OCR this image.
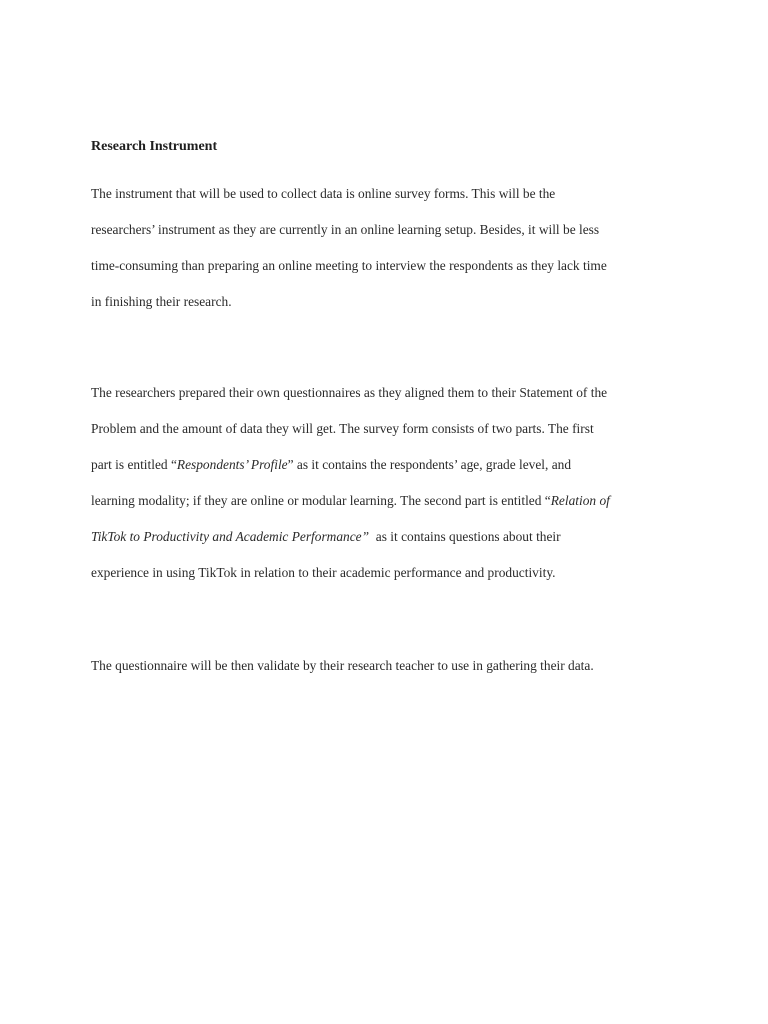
Research Instrument

The instrument that will be used to collect data is online survey forms. This will be the
researchers’ instrument as they are currently in an online learning setup. Besides, it will be less
time-consuming than preparing an online meeting to interview the respondents as they lack time
in finishing their research.

The researchers prepared their own questionnaires as they aligned them to their Statement of the
Problem and the amount of data they will get. The survey form consists of two parts. The first
part is entitled “Respondents’ Profile” as it contains the respondents’ age, grade level, and
learning modality; if they are online or modular learning. The second part is entitled “Relation of
TikTok to Productivity and Academic Performance”  as it contains questions about their
experience in using TikTok in relation to their academic performance and productivity.

The questionnaire will be then validate by their research teacher to use in gathering their data.
